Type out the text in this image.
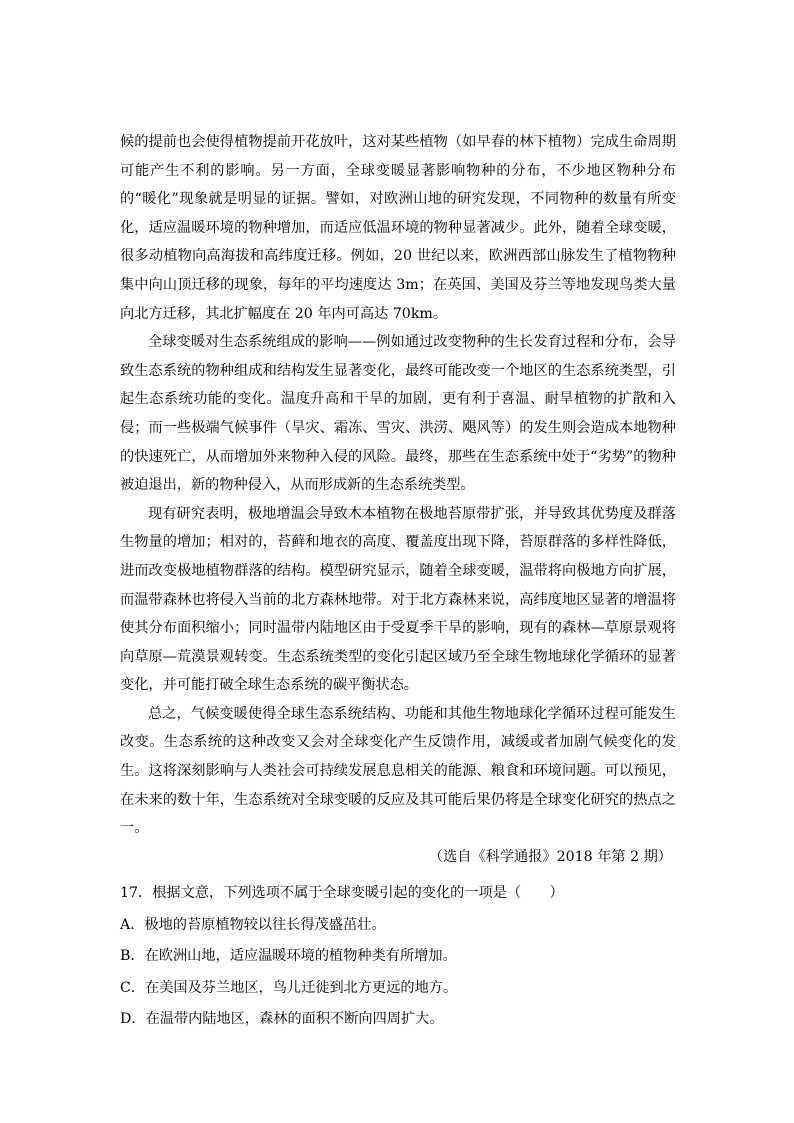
候的提前也会使得植物提前开花放叶，这对某些植物（如早春的林下植物）完成生命周期可能产生不利的影响。另一方面，全球变暖显著影响物种的分布，不少地区物种分布的“暖化”现象就是明显的证据。譬如，对欧洲山地的研究发现，不同物种的数量有所变化，适应温暖环境的物种增加，而适应低温环境的物种显著减少。此外，随着全球变暖，很多动植物向高海拔和高纬度迁移。例如，20 世纪以来，欧洲西部山脉发生了植物物种集中向山顶迁移的现象，每年的平均速度达 3m；在英国、美国及芬兰等地发现鸟类大量向北方迁移，其北扩幅度在 20 年内可高达 70km。

全球变暖对生态系统组成的影响——例如通过改变物种的生长发育过程和分布，会导致生态系统的物种组成和结构发生显著变化，最终可能改变一个地区的生态系统类型，引起生态系统功能的变化。温度升高和干旱的加剧，更有利于喜温、耐旱植物的扩散和入侵；而一些极端气候事件（旱灾、霜冻、雪灾、洪涝、飓风等）的发生则会造成本地物种的快速死亡，从而增加外来物种入侵的风险。最终，那些在生态系统中处于“劣势”的物种被迫退出，新的物种侵入，从而形成新的生态系统类型。

现有研究表明，极地增温会导致木本植物在极地苔原带扩张，并导致其优势度及群落生物量的增加；相对的，苔藓和地衣的高度、覆盖度出现下降，苔原群落的多样性降低，进而改变极地植物群落的结构。模型研究显示，随着全球变暖，温带将向极地方向扩展，而温带森林也将侵入当前的北方森林地带。对于北方森林来说，高纬度地区显著的增温将使其分布面积缩小；同时温带内陆地区由于受夏季干旱的影响，现有的森林—草原景观将向草原—荒漠景观转变。生态系统类型的变化引起区域乃至全球生物地球化学循环的显著变化，并可能打破全球生态系统的碳平衡状态。

总之，气候变暖使得全球生态系统结构、功能和其他生物地球化学循环过程可能发生改变。生态系统的这种改变又会对全球变化产生反馈作用，减缓或者加剧气候变化的发生。这将深刻影响与人类社会可持续发展息息相关的能源、粮食和环境问题。可以预见，在未来的数十年，生态系统对全球变暖的反应及其可能后果仍将是全球变化研究的热点之一。

（选自《科学通报》2018 年第 2 期）

17．根据文意，下列选项不属于全球变暖引起的变化的一项是（　　）

A．极地的苔原植物较以往长得茂盛茁壮。

B．在欧洲山地，适应温暖环境的植物种类有所增加。

C．在美国及芬兰地区，鸟儿迁徙到北方更远的地方。

D．在温带内陆地区，森林的面积不断向四周扩大。
